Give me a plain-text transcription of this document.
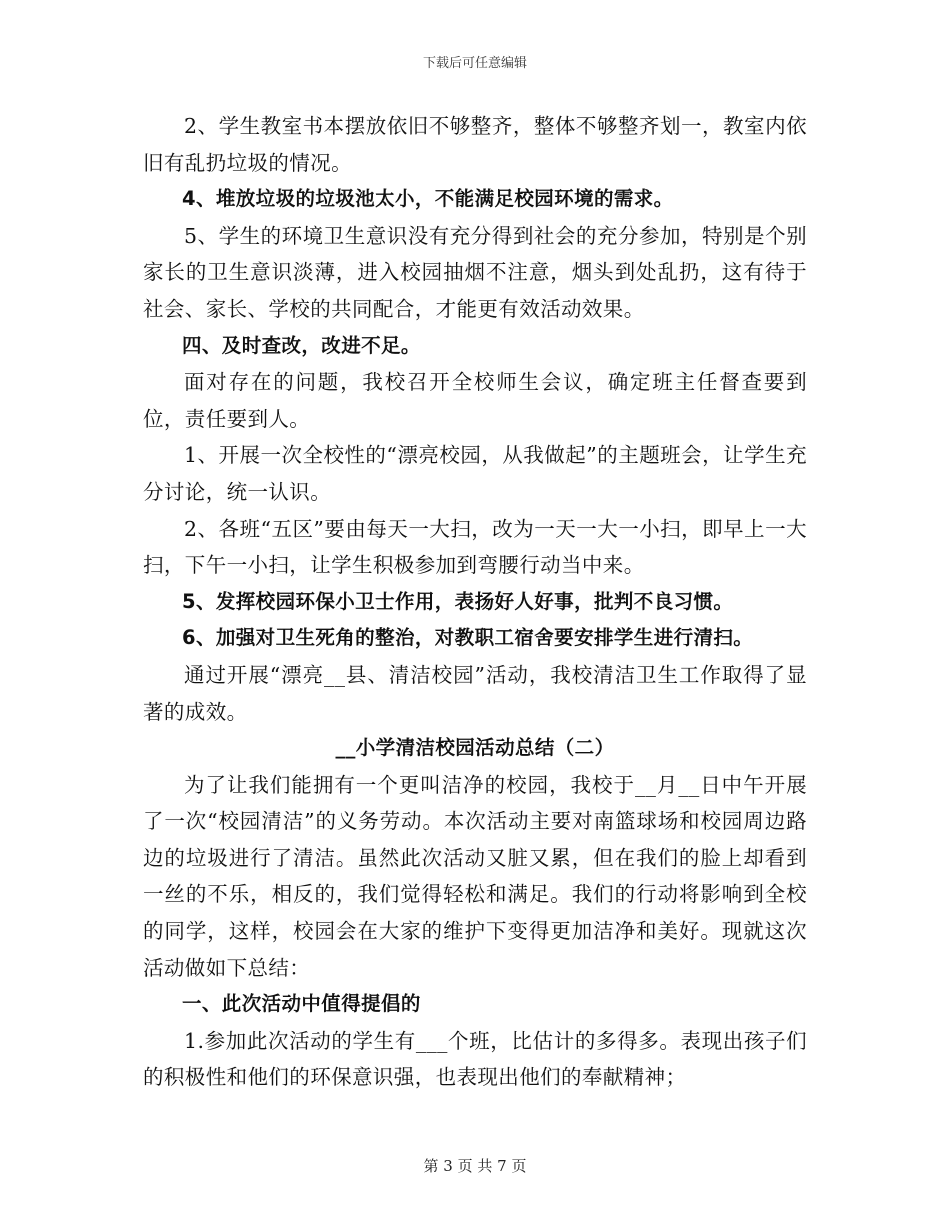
下载后可任意编辑

2、学生教室书本摆放依旧不够整齐，整体不够整齐划一，教室内依旧有乱扔垃圾的情况。

4、堆放垃圾的垃圾池太小，不能满足校园环境的需求。

5、学生的环境卫生意识没有充分得到社会的充分参加，特别是个别家长的卫生意识淡薄，进入校园抽烟不注意，烟头到处乱扔，这有待于社会、家长、学校的共同配合，才能更有效活动效果。

四、及时查改，改进不足。

面对存在的问题，我校召开全校师生会议，确定班主任督查要到位，责任要到人。

1、开展一次全校性的“漂亮校园，从我做起”的主题班会，让学生充分讨论，统一认识。

2、各班“五区”要由每天一大扫，改为一天一大一小扫，即早上一大扫，下午一小扫，让学生积极参加到弯腰行动当中来。

5、发挥校园环保小卫士作用，表扬好人好事，批判不良习惯。

6、加强对卫生死角的整治，对教职工宿舍要安排学生进行清扫。

通过开展“漂亮__县、清洁校园”活动，我校清洁卫生工作取得了显著的成效。

__小学清洁校园活动总结（二）

为了让我们能拥有一个更叫洁净的校园，我校于__月__日中午开展了一次“校园清洁”的义务劳动。本次活动主要对南篮球场和校园周边路边的垃圾进行了清洁。虽然此次活动又脏又累，但在我们的脸上却看到一丝的不乐，相反的，我们觉得轻松和满足。我们的行动将影响到全校的同学，这样，校园会在大家的维护下变得更加洁净和美好。现就这次活动做如下总结：

一、此次活动中值得提倡的

1.参加此次活动的学生有___个班，比估计的多得多。表现出孩子们的积极性和他们的环保意识强，也表现出他们的奉献精神；

第 3 页 共 7 页
